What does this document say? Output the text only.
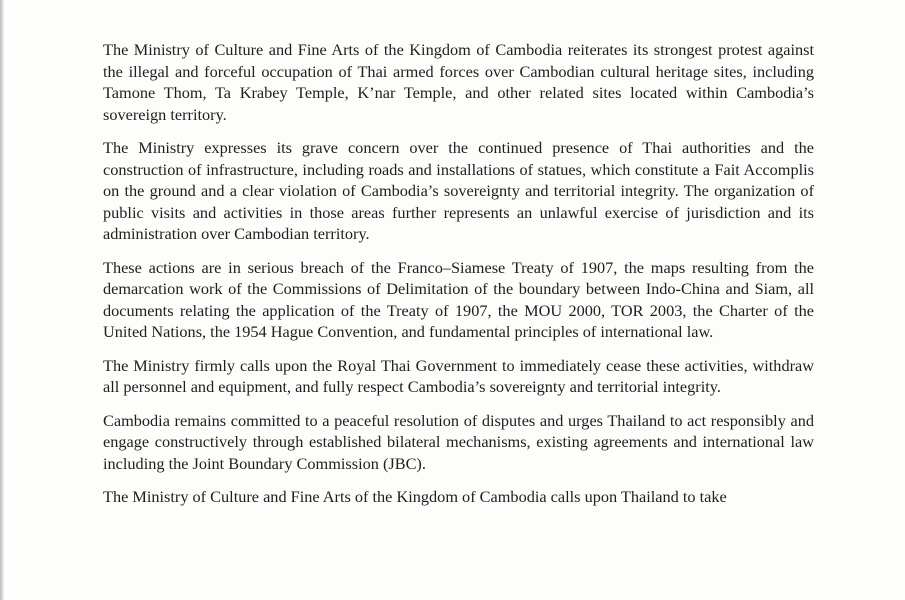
The Ministry of Culture and Fine Arts of the Kingdom of Cambodia reiterates its strongest protest against the illegal and forceful occupation of Thai armed forces over Cambodian cultural heritage sites, including Tamone Thom, Ta Krabey Temple, K’nar Temple, and other related sites located within Cambodia’s sovereign territory.

The Ministry expresses its grave concern over the continued presence of Thai authorities and the construction of infrastructure, including roads and installations of statues, which constitute a Fait Accomplis on the ground and a clear violation of Cambodia’s sovereignty and territorial integrity. The organization of public visits and activities in those areas further represents an unlawful exercise of jurisdiction and its administration over Cambodian territory.

These actions are in serious breach of the Franco–Siamese Treaty of 1907, the maps resulting from the demarcation work of the Commissions of Delimitation of the boundary between Indo-China and Siam, all documents relating the application of the Treaty of 1907, the MOU 2000, TOR 2003, the Charter of the United Nations, the 1954 Hague Convention, and fundamental principles of international law.

The Ministry firmly calls upon the Royal Thai Government to immediately cease these activities, withdraw all personnel and equipment, and fully respect Cambodia’s sovereignty and territorial integrity.

Cambodia remains committed to a peaceful resolution of disputes and urges Thailand to act responsibly and engage constructively through established bilateral mechanisms, existing agreements and international law including the Joint Boundary Commission (JBC).

The Ministry of Culture and Fine Arts of the Kingdom of Cambodia calls upon Thailand to take
